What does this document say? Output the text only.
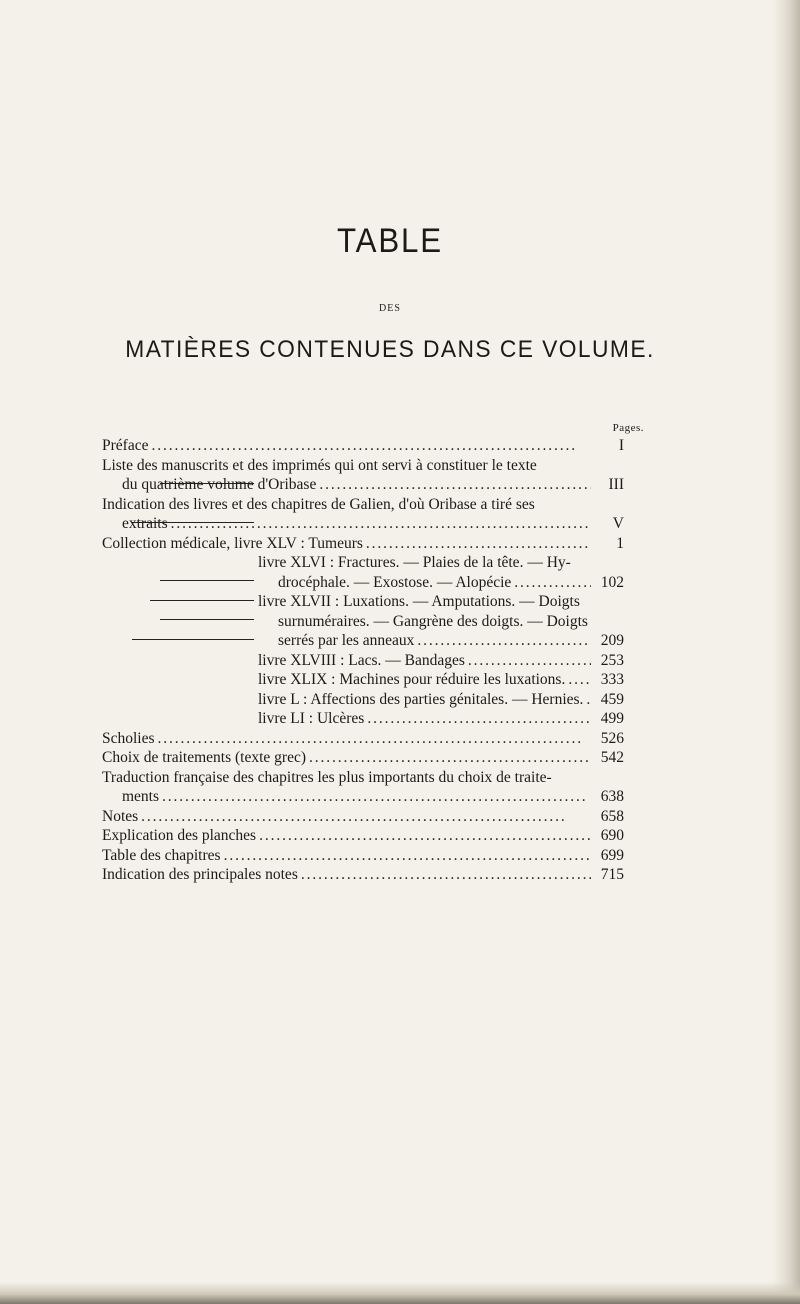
TABLE
DES
MATIÈRES CONTENUES DANS CE VOLUME.
Pages.
Préface . . .	I
Liste des manuscrits et des imprimés qui ont servi à constituer le texte
du quatrième volume d'Oribase . . .	III
Indication des livres et des chapitres de Galien, d'où Oribase a tiré ses
extraits . . .	V
Collection médicale, livre XLV : Tumeurs . . .	1
livre XLVI : Fractures. — Plaies de la tête. — Hy-
drocéphale. — Exostose. — Alopécie . . .	102
livre XLVII : Luxations. — Amputations. — Doigts
surnuméraires. — Gangrène des doigts. — Doigts
serrés par les anneaux . . .	209
livre XLVIII : Lacs. — Bandages . . .	253
livre XLIX : Machines pour réduire les luxations. . . .	333
livre L : Affections des parties génitales. — Hernies. . . .	459
livre LI : Ulcères . . .	499
Scholies . . .	526
Choix de traitements (texte grec) . . .	542
Traduction française des chapitres les plus importants du choix de traite-
ments . . .	638
Notes . . .	658
Explication des planches . . .	690
Table des chapitres . . .	699
Indication des principales notes . . .	715
